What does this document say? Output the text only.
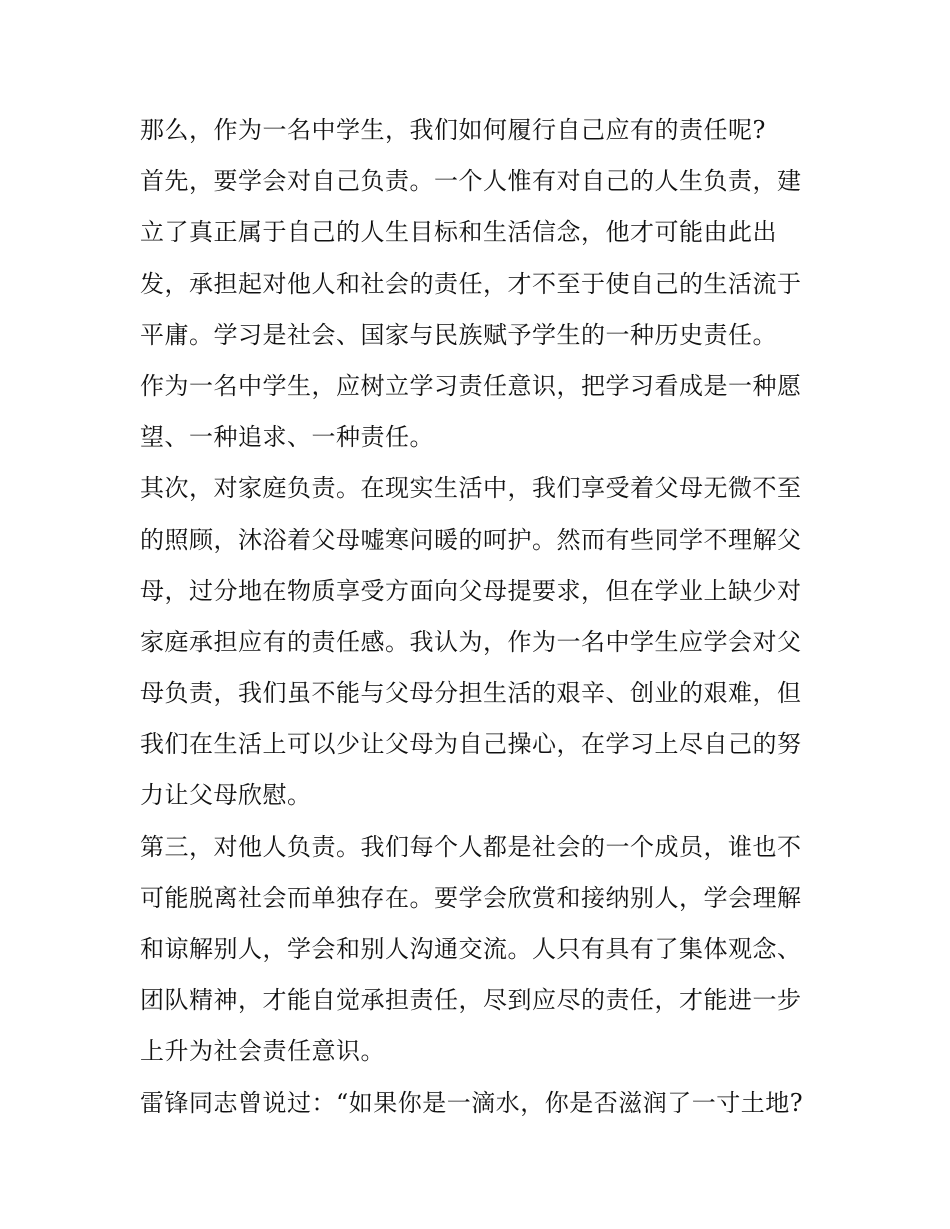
那么，作为一名中学生，我们如何履行自己应有的责任呢?
首先，要学会对自己负责。一个人惟有对自己的人生负责，建
立了真正属于自己的人生目标和生活信念，他才可能由此出
发，承担起对他人和社会的责任，才不至于使自己的生活流于
平庸。学习是社会、国家与民族赋予学生的一种历史责任。
作为一名中学生，应树立学习责任意识，把学习看成是一种愿
望、一种追求、一种责任。
其次，对家庭负责。在现实生活中，我们享受着父母无微不至
的照顾，沐浴着父母嘘寒问暖的呵护。然而有些同学不理解父
母，过分地在物质享受方面向父母提要求，但在学业上缺少对
家庭承担应有的责任感。我认为，作为一名中学生应学会对父
母负责，我们虽不能与父母分担生活的艰辛、创业的艰难，但
我们在生活上可以少让父母为自己操心，在学习上尽自己的努
力让父母欣慰。
第三，对他人负责。我们每个人都是社会的一个成员，谁也不
可能脱离社会而单独存在。要学会欣赏和接纳别人，学会理解
和谅解别人，学会和别人沟通交流。人只有具有了集体观念、
团队精神，才能自觉承担责任，尽到应尽的责任，才能进一步
上升为社会责任意识。
雷锋同志曾说过：“如果你是一滴水，你是否滋润了一寸土地?
